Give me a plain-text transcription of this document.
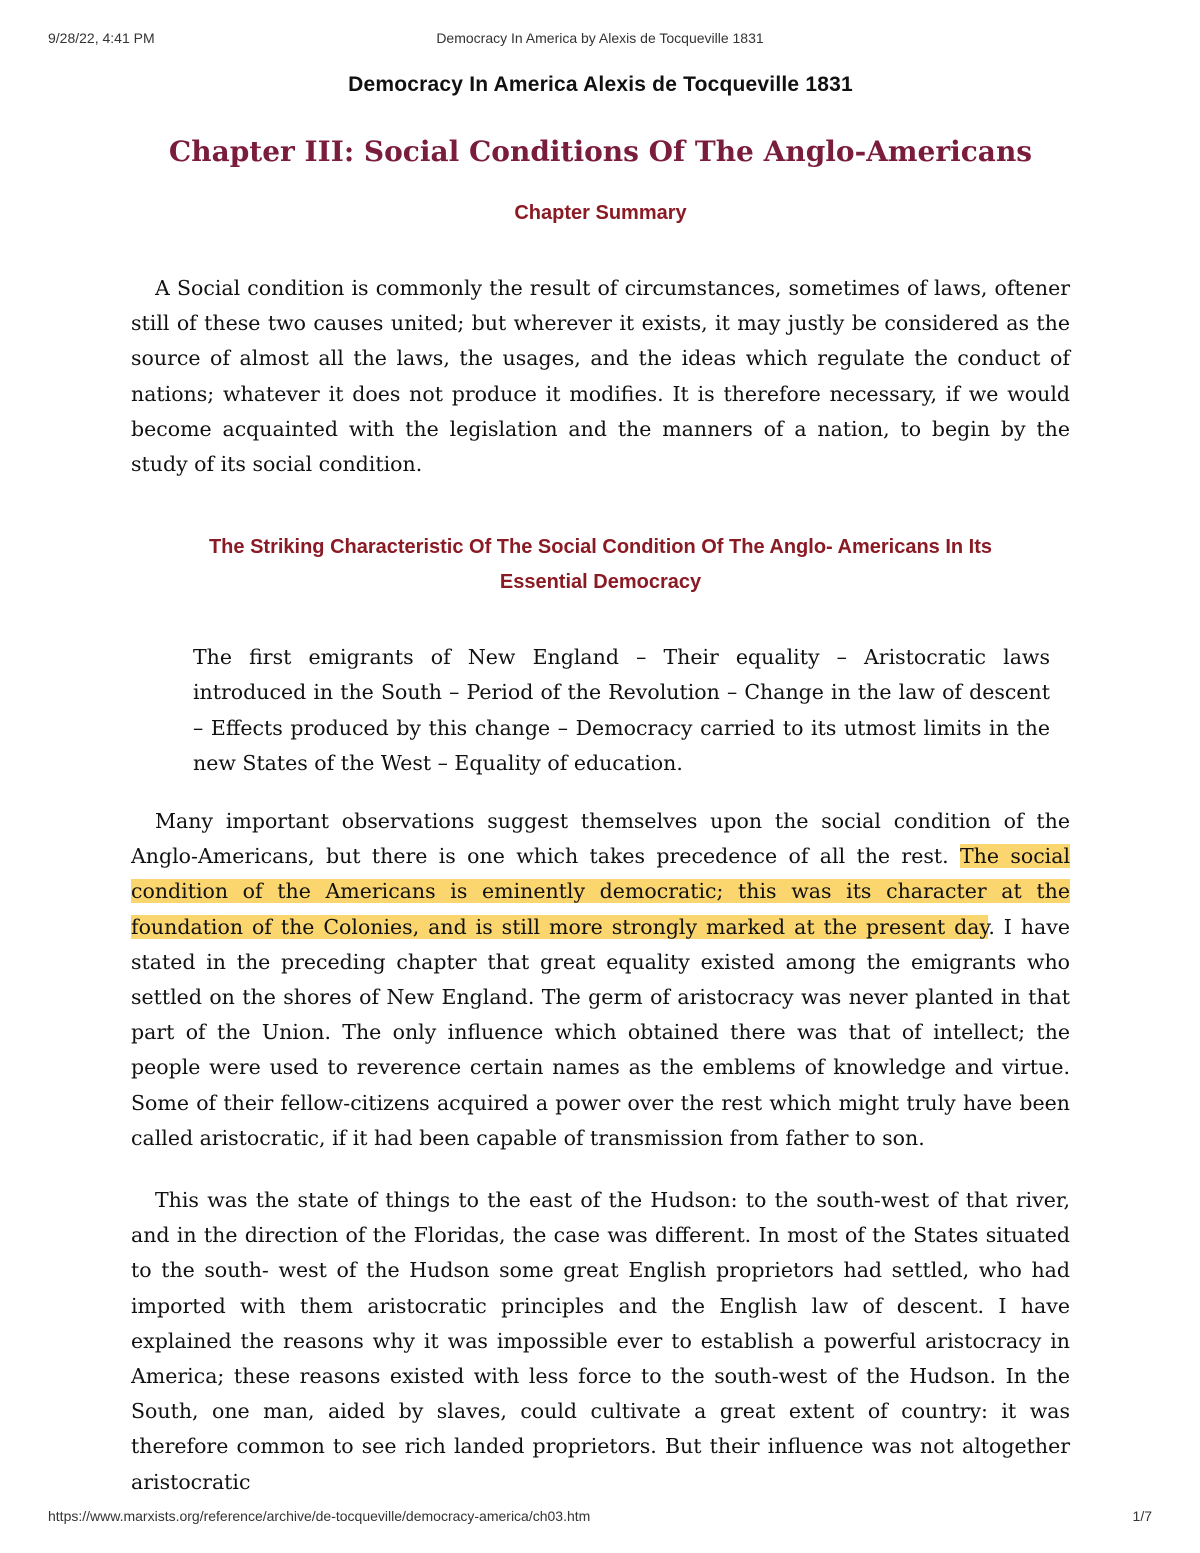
9/28/22, 4:41 PM	Democracy In America by Alexis de Tocqueville 1831
Democracy In America Alexis de Tocqueville 1831
Chapter III: Social Conditions Of The Anglo-Americans
Chapter Summary

A Social condition is commonly the result of circumstances, sometimes of laws, oftener still of these two causes united; but wherever it exists, it may justly be considered as the source of almost all the laws, the usages, and the ideas which regulate the conduct of nations; whatever it does not produce it modifies. It is therefore necessary, if we would become acquainted with the legislation and the manners of a nation, to begin by the study of its social condition.

The Striking Characteristic Of The Social Condition Of The Anglo- Americans In Its
Essential Democracy

The first emigrants of New England – Their equality – Aristocratic laws introduced in the South – Period of the Revolution – Change in the law of descent – Effects produced by this change – Democracy carried to its utmost limits in the new States of the West – Equality of education.

Many important observations suggest themselves upon the social condition of the Anglo-Americans, but there is one which takes precedence of all the rest. The social condition of the Americans is eminently democratic; this was its character at the foundation of the Colonies, and is still more strongly marked at the present day. I have stated in the preceding chapter that great equality existed among the emigrants who settled on the shores of New England. The germ of aristocracy was never planted in that part of the Union. The only influence which obtained there was that of intellect; the people were used to reverence certain names as the emblems of knowledge and virtue. Some of their fellow-citizens acquired a power over the rest which might truly have been called aristocratic, if it had been capable of transmission from father to son.

This was the state of things to the east of the Hudson: to the south-west of that river, and in the direction of the Floridas, the case was different. In most of the States situated to the south- west of the Hudson some great English proprietors had settled, who had imported with them aristocratic principles and the English law of descent. I have explained the reasons why it was impossible ever to establish a powerful aristocracy in America; these reasons existed with less force to the south-west of the Hudson. In the South, one man, aided by slaves, could cultivate a great extent of country: it was therefore common to see rich landed proprietors. But their influence was not altogether aristocratic

https://www.marxists.org/reference/archive/de-tocqueville/democracy-america/ch03.htm	1/7
